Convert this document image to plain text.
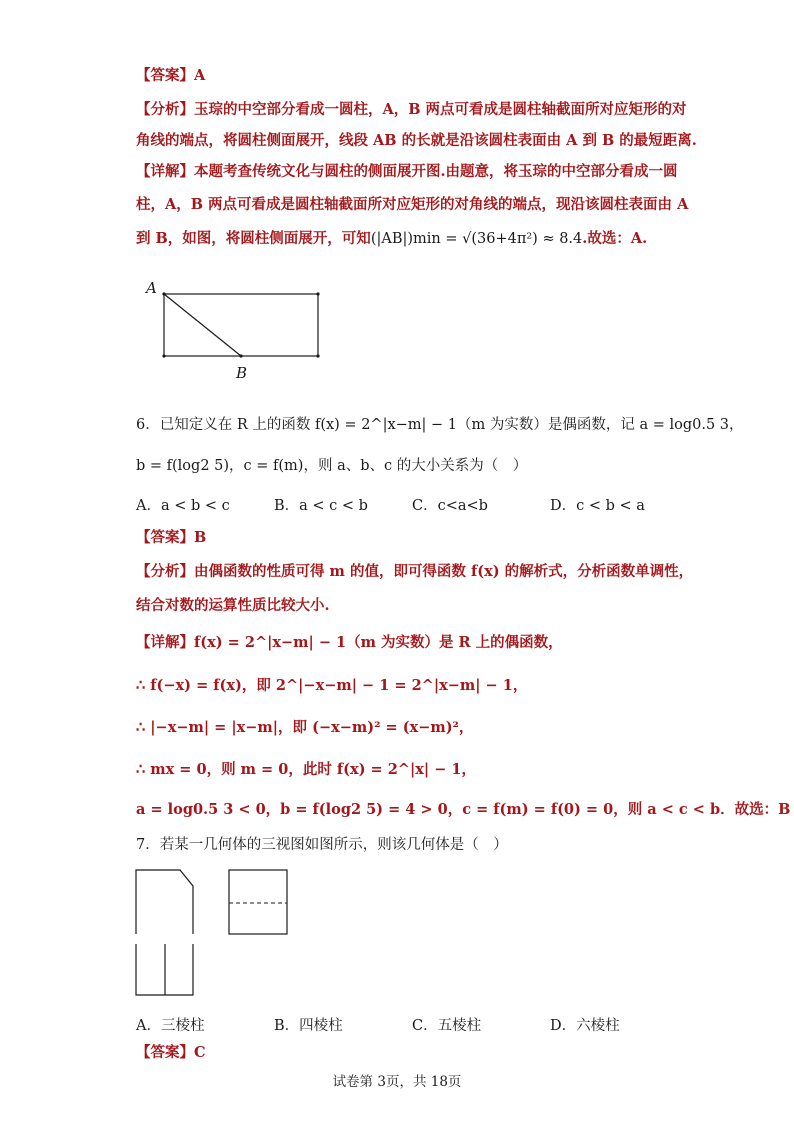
【答案】A
【分析】玉琮的中空部分看成一圆柱，A，B 两点可看成是圆柱轴截面所对应矩形的对
角线的端点，将圆柱侧面展开，线段 AB 的长就是沿该圆柱表面由 A 到 B 的最短距离.
【详解】本题考查传统文化与圆柱的侧面展开图.由题意，将玉琮的中空部分看成一圆
柱，A，B 两点可看成是圆柱轴截面所对应矩形的对角线的端点，现沿该圆柱表面由 A
到 B，如图，将圆柱侧面展开，可知(|AB|)min = √(36+4π²) ≈ 8.4.故选：A.
A
B
6．已知定义在 R 上的函数 f(x) = 2^|x−m| − 1（m 为实数）是偶函数，记 a = log0.5 3，
b = f(log2 5)，c = f(m)，则 a、b、c 的大小关系为（　）
A．a < b < c	B．a < c < b	C．c<a<b	D．c < b < a
【答案】B
【分析】由偶函数的性质可得 m 的值，即可得函数 f(x) 的解析式，分析函数单调性，
结合对数的运算性质比较大小.
【详解】f(x) = 2^|x−m| − 1（m 为实数）是 R 上的偶函数，
∴ f(−x) = f(x)，即 2^|−x−m| − 1 = 2^|x−m| − 1，
∴ |−x−m| = |x−m|，即 (−x−m)² = (x−m)²，
∴ mx = 0，则 m = 0，此时 f(x) = 2^|x| − 1，
a = log0.5 3 < 0，b = f(log2 5) = 4 > 0，c = f(m) = f(0) = 0，则 a < c < b．故选：B
7．若某一几何体的三视图如图所示，则该几何体是（　）
A．三棱柱	B．四棱柱	C．五棱柱	D．六棱柱
【答案】C
试卷第 3页，共 18页
